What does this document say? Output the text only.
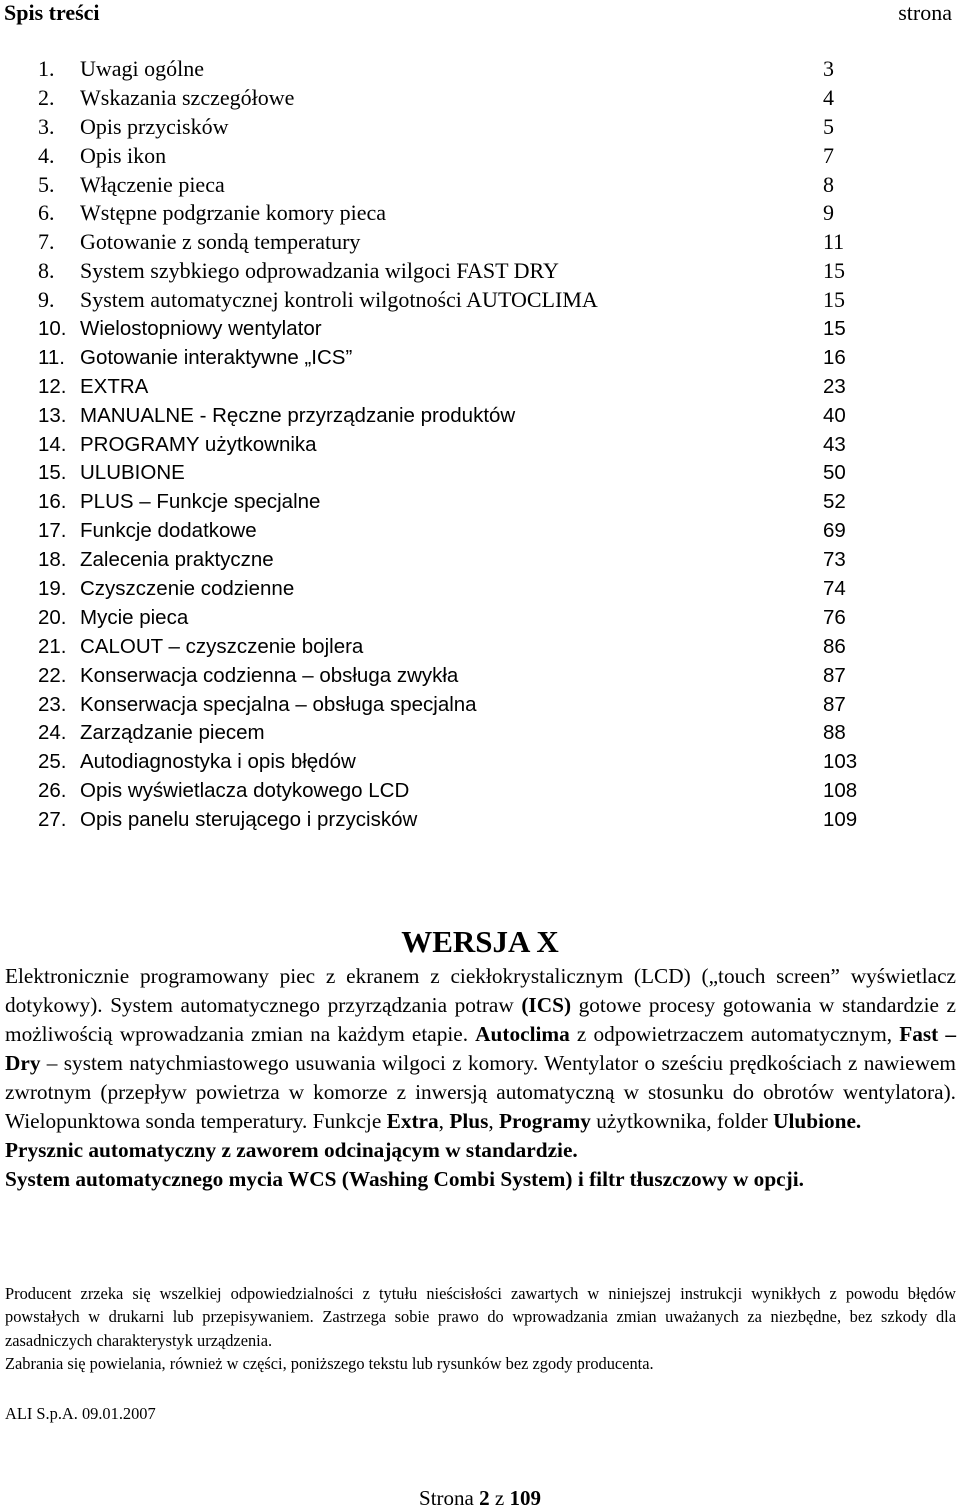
Spis treści	strona
1. Uwagi ogólne	3
2. Wskazania szczegółowe	4
3. Opis przycisków	5
4. Opis ikon	7
5. Włączenie pieca	8
6. Wstępne podgrzanie komory pieca	9
7. Gotowanie z sondą temperatury	11
8. System szybkiego odprowadzania wilgoci FAST DRY	15
9. System automatycznej kontroli wilgotności AUTOCLIMA	15
10. Wielostopniowy wentylator	15
11. Gotowanie interaktywne „ICS”	16
12. EXTRA	23
13. MANUALNE - Ręczne przyrządzanie produktów	40
14. PROGRAMY użytkownika	43
15. ULUBIONE	50
16. PLUS – Funkcje specjalne	52
17. Funkcje dodatkowe	69
18. Zalecenia praktyczne	73
19. Czyszczenie codzienne	74
20. Mycie pieca	76
21. CALOUT – czyszczenie bojlera	86
22. Konserwacja codzienna – obsługa zwykła	87
23. Konserwacja specjalna – obsługa specjalna	87
24. Zarządzanie piecem	88
25. Autodiagnostyka i opis błędów	103
26. Opis wyświetlacza dotykowego LCD	108
27. Opis panelu sterującego i przycisków	109
WERSJA X

Elektronicznie programowany piec z ekranem z ciekłokrystalicznym (LCD) („touch screen” wyświetlacz dotykowy). System automatycznego przyrządzania potraw (ICS) gotowe procesy gotowania w standardzie z możliwością wprowadzania zmian na każdym etapie. Autoclima z odpowietrzaczem automatycznym, Fast – Dry – system natychmiastowego usuwania wilgoci z komory. Wentylator o sześciu prędkościach z nawiewem zwrotnym (przepływ powietrza w komorze z inwersją automatyczną w stosunku do obrotów wentylatora). Wielopunktowa sonda temperatury. Funkcje Extra, Plus, Programy użytkownika, folder Ulubione.

Prysznic automatyczny z zaworem odcinającym w standardzie.

System automatycznego mycia WCS (Washing Combi System) i filtr tłuszczowy w opcji.

Producent zrzeka się wszelkiej odpowiedzialności z tytułu nieścisłości zawartych w niniejszej instrukcji wynikłych z powodu błędów powstałych w drukarni lub przepisywaniem. Zastrzega sobie prawo do wprowadzania zmian uważanych za niezbędne, bez szkody dla zasadniczych charakterystyk urządzenia.

Zabrania się powielania, również w części, poniższego tekstu lub rysunków bez zgody producenta.

ALI S.p.A. 09.01.2007
Strona 2 z 109
